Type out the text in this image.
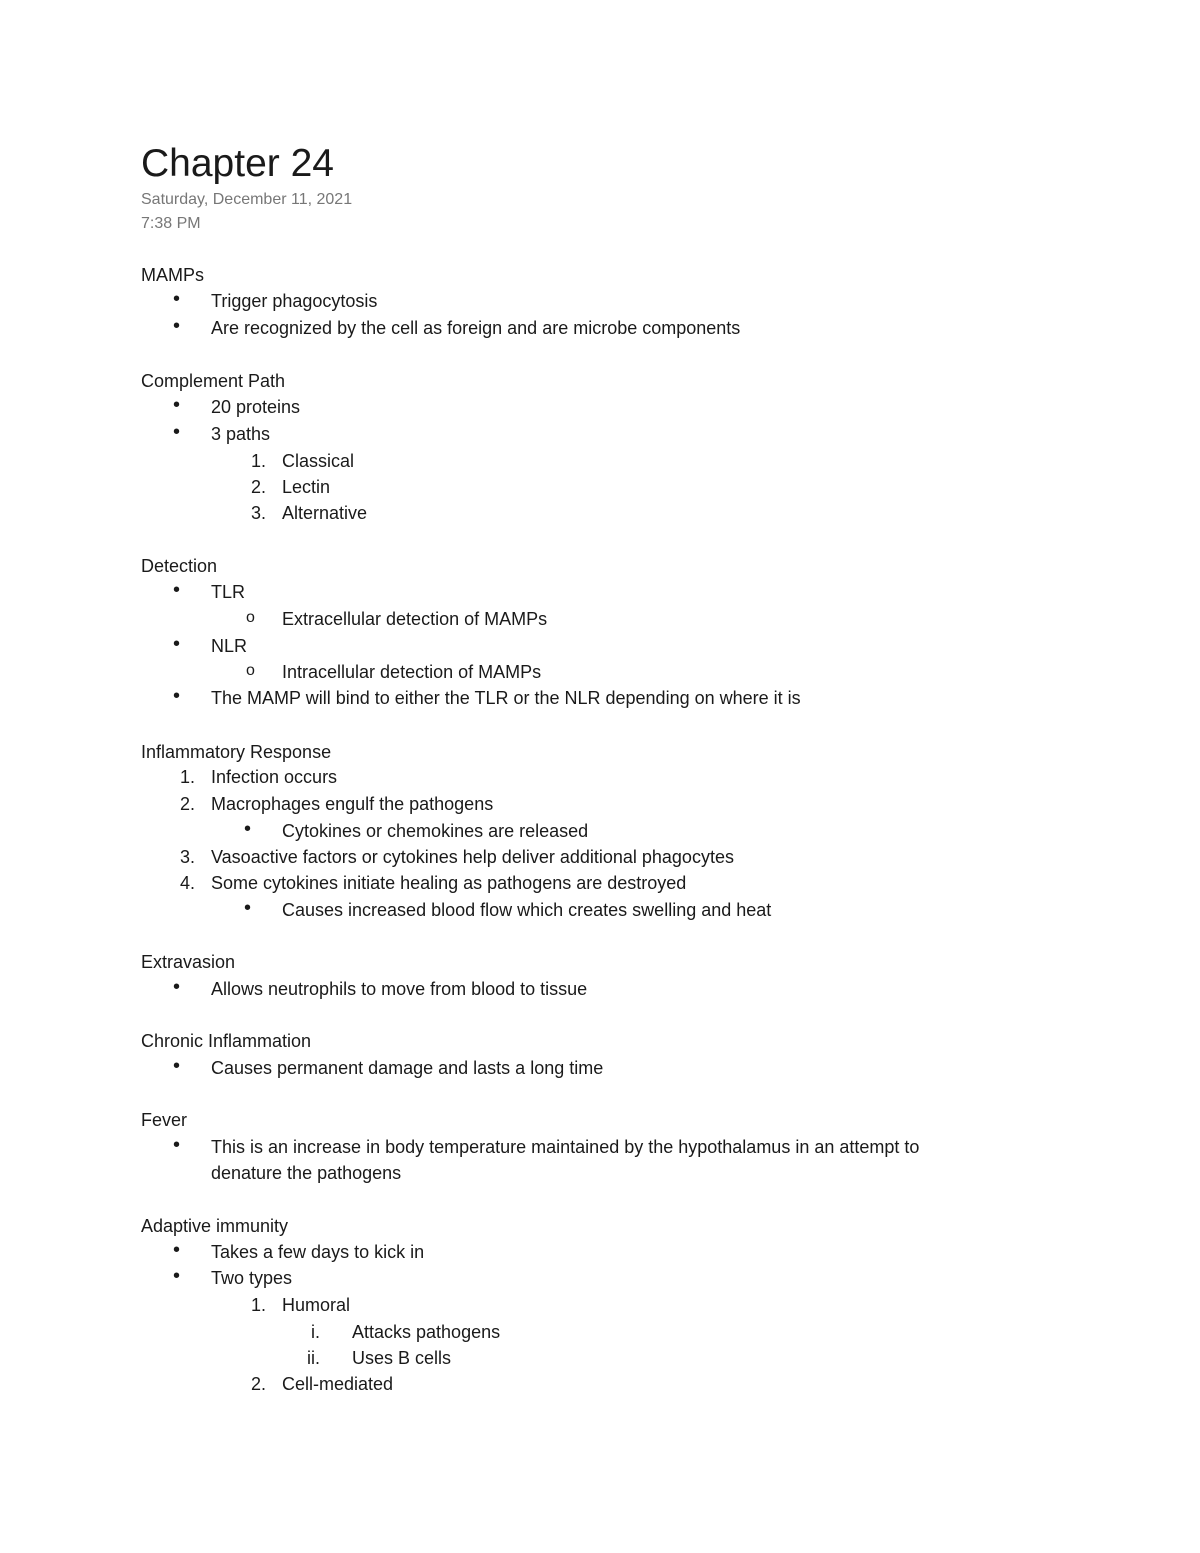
Chapter 24
Saturday, December 11, 2021
7:38 PM
MAMPs
• Trigger phagocytosis
• Are recognized by the cell as foreign and are microbe components
Complement Path
• 20 proteins
• 3 paths
1. Classical
2. Lectin
3. Alternative
Detection
• TLR
o Extracellular detection of MAMPs
• NLR
o Intracellular detection of MAMPs
• The MAMP will bind to either the TLR or the NLR depending on where it is
Inflammatory Response
1. Infection occurs
2. Macrophages engulf the pathogens
• Cytokines or chemokines are released
3. Vasoactive factors or cytokines help deliver additional phagocytes
4. Some cytokines initiate healing as pathogens are destroyed
• Causes increased blood flow which creates swelling and heat
Extravasion
• Allows neutrophils to move from blood to tissue
Chronic Inflammation
• Causes permanent damage and lasts a long time
Fever
• This is an increase in body temperature maintained by the hypothalamus in an attempt to
denature the pathogens
Adaptive immunity
• Takes a few days to kick in
• Two types
1. Humoral
i. Attacks pathogens
ii. Uses B cells
2. Cell-mediated
